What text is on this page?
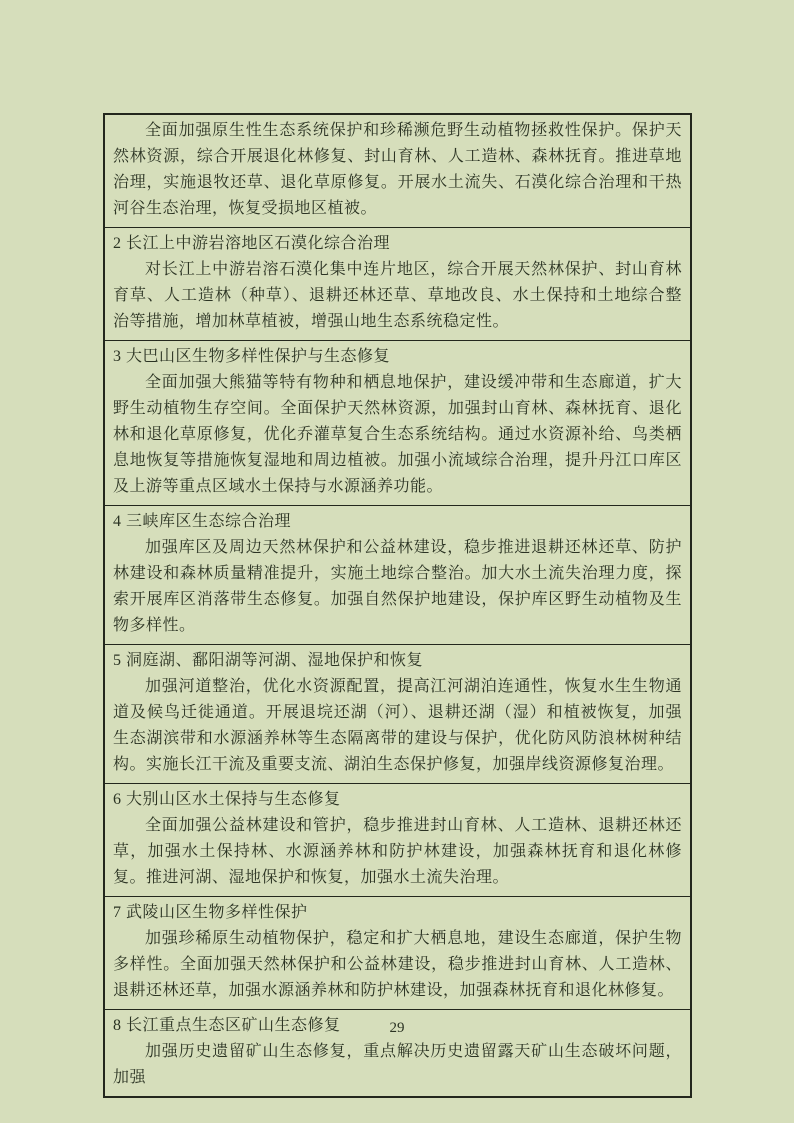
全面加强原生性生态系统保护和珍稀濒危野生动植物拯救性保护。保护天然林资源，综合开展退化林修复、封山育林、人工造林、森林抚育。推进草地治理，实施退牧还草、退化草原修复。开展水土流失、石漠化综合治理和干热河谷生态治理，恢复受损地区植被。
2 长江上中游岩溶地区石漠化综合治理
对长江上中游岩溶石漠化集中连片地区，综合开展天然林保护、封山育林育草、人工造林（种草）、退耕还林还草、草地改良、水土保持和土地综合整治等措施，增加林草植被，增强山地生态系统稳定性。
3 大巴山区生物多样性保护与生态修复
全面加强大熊猫等特有物种和栖息地保护，建设缓冲带和生态廊道，扩大野生动植物生存空间。全面保护天然林资源，加强封山育林、森林抚育、退化林和退化草原修复，优化乔灌草复合生态系统结构。通过水资源补给、鸟类栖息地恢复等措施恢复湿地和周边植被。加强小流域综合治理，提升丹江口库区及上游等重点区域水土保持与水源涵养功能。
4 三峡库区生态综合治理
加强库区及周边天然林保护和公益林建设，稳步推进退耕还林还草、防护林建设和森林质量精准提升，实施土地综合整治。加大水土流失治理力度，探索开展库区消落带生态修复。加强自然保护地建设，保护库区野生动植物及生物多样性。
5 洞庭湖、鄱阳湖等河湖、湿地保护和恢复
加强河道整治，优化水资源配置，提高江河湖泊连通性，恢复水生生物通道及候鸟迁徙通道。开展退垸还湖（河）、退耕还湖（湿）和植被恢复，加强生态湖滨带和水源涵养林等生态隔离带的建设与保护，优化防风防浪林树种结构。实施长江干流及重要支流、湖泊生态保护修复，加强岸线资源修复治理。
6 大别山区水土保持与生态修复
全面加强公益林建设和管护，稳步推进封山育林、人工造林、退耕还林还草，加强水土保持林、水源涵养林和防护林建设，加强森林抚育和退化林修复。推进河湖、湿地保护和恢复，加强水土流失治理。
7 武陵山区生物多样性保护
加强珍稀原生动植物保护，稳定和扩大栖息地，建设生态廊道，保护生物多样性。全面加强天然林保护和公益林建设，稳步推进封山育林、人工造林、退耕还林还草，加强水源涵养林和防护林建设，加强森林抚育和退化林修复。
8 长江重点生态区矿山生态修复
加强历史遗留矿山生态修复，重点解决历史遗留露天矿山生态破坏问题，加强
29
